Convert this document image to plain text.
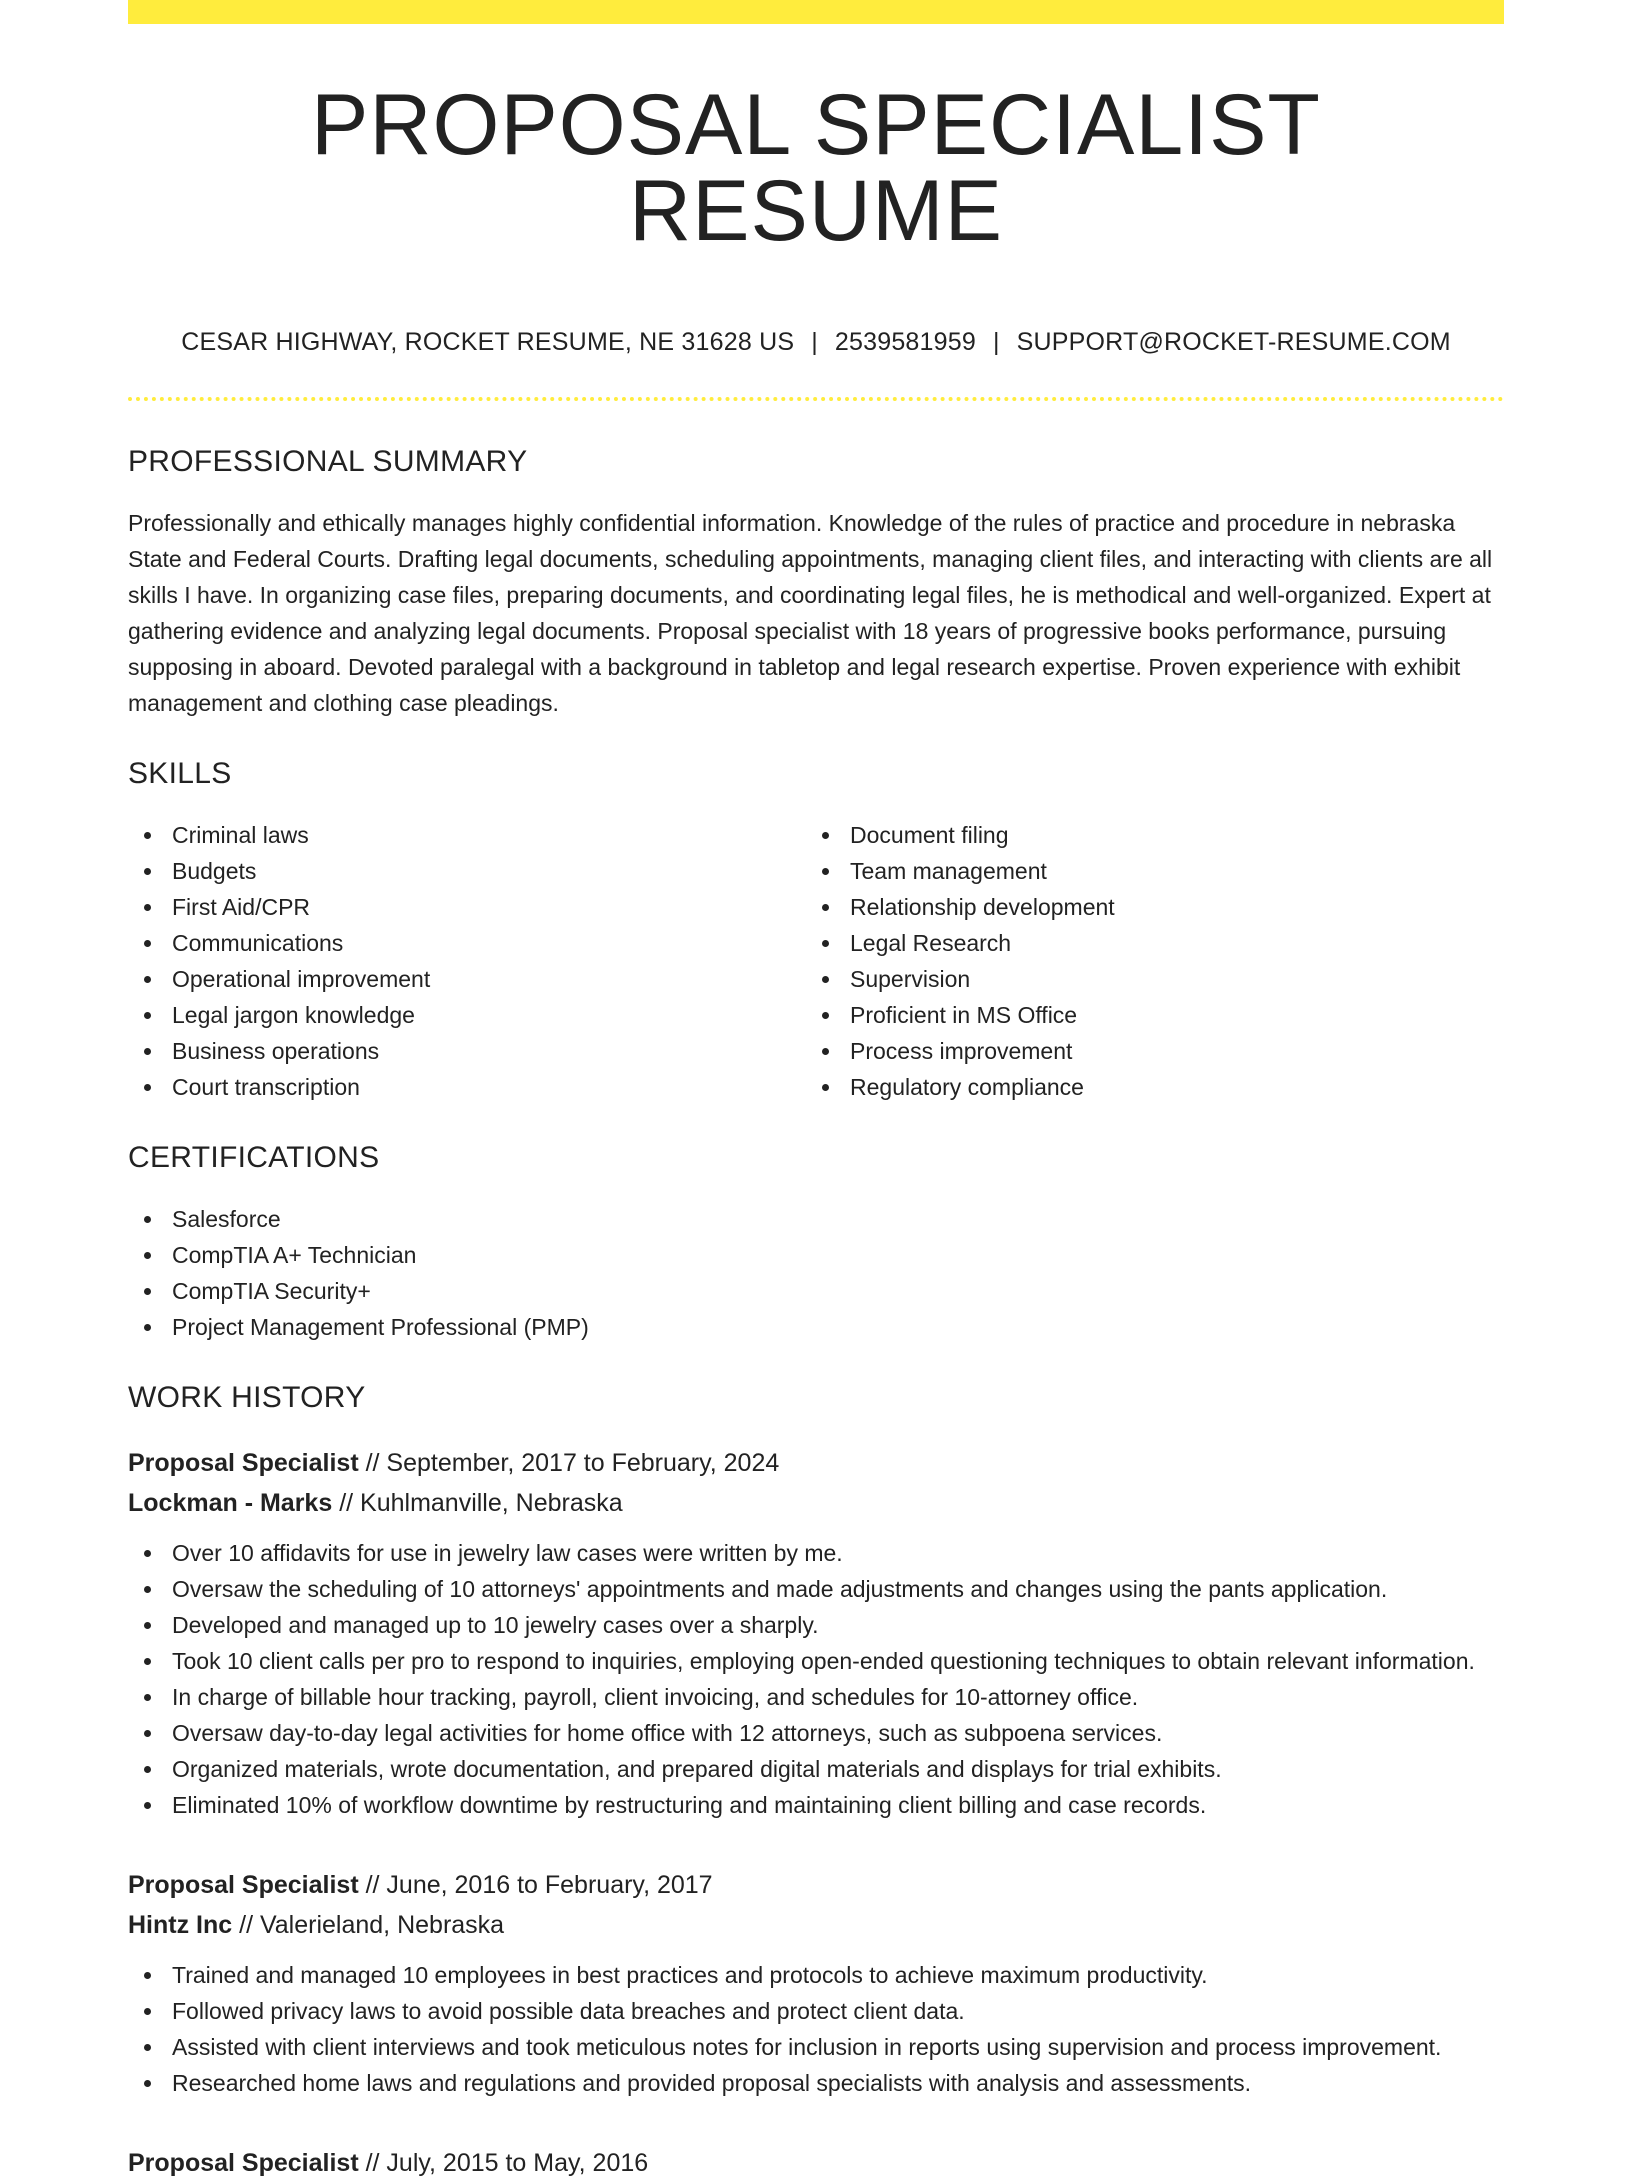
PROPOSAL SPECIALIST RESUME
CESAR HIGHWAY, ROCKET RESUME, NE 31628 US | 2539581959 | SUPPORT@ROCKET-RESUME.COM
PROFESSIONAL SUMMARY

Professionally and ethically manages highly confidential information. Knowledge of the rules of practice and procedure in nebraska State and Federal Courts. Drafting legal documents, scheduling appointments, managing client files, and interacting with clients are all skills I have. In organizing case files, preparing documents, and coordinating legal files, he is methodical and well-organized. Expert at gathering evidence and analyzing legal documents. Proposal specialist with 18 years of progressive books performance, pursuing supposing in aboard. Devoted paralegal with a background in tabletop and legal research expertise. Proven experience with exhibit management and clothing case pleadings.

SKILLS
Criminal laws
Budgets
First Aid/CPR
Communications
Operational improvement
Legal jargon knowledge
Business operations
Court transcription
Document filing
Team management
Relationship development
Legal Research
Supervision
Proficient in MS Office
Process improvement
Regulatory compliance
CERTIFICATIONS
Salesforce
CompTIA A+ Technician
CompTIA Security+
Project Management Professional (PMP)
WORK HISTORY
Proposal Specialist // September, 2017 to February, 2024
Lockman - Marks // Kuhlmanville, Nebraska
Over 10 affidavits for use in jewelry law cases were written by me.
Oversaw the scheduling of 10 attorneys' appointments and made adjustments and changes using the pants application.
Developed and managed up to 10 jewelry cases over a sharply.
Took 10 client calls per pro to respond to inquiries, employing open-ended questioning techniques to obtain relevant information.
In charge of billable hour tracking, payroll, client invoicing, and schedules for 10-attorney office.
Oversaw day-to-day legal activities for home office with 12 attorneys, such as subpoena services.
Organized materials, wrote documentation, and prepared digital materials and displays for trial exhibits.
Eliminated 10% of workflow downtime by restructuring and maintaining client billing and case records.
Proposal Specialist // June, 2016 to February, 2017
Hintz Inc // Valerieland, Nebraska
Trained and managed 10 employees in best practices and protocols to achieve maximum productivity.
Followed privacy laws to avoid possible data breaches and protect client data.
Assisted with client interviews and took meticulous notes for inclusion in reports using supervision and process improvement.
Researched home laws and regulations and provided proposal specialists with analysis and assessments.
Proposal Specialist // July, 2015 to May, 2016
